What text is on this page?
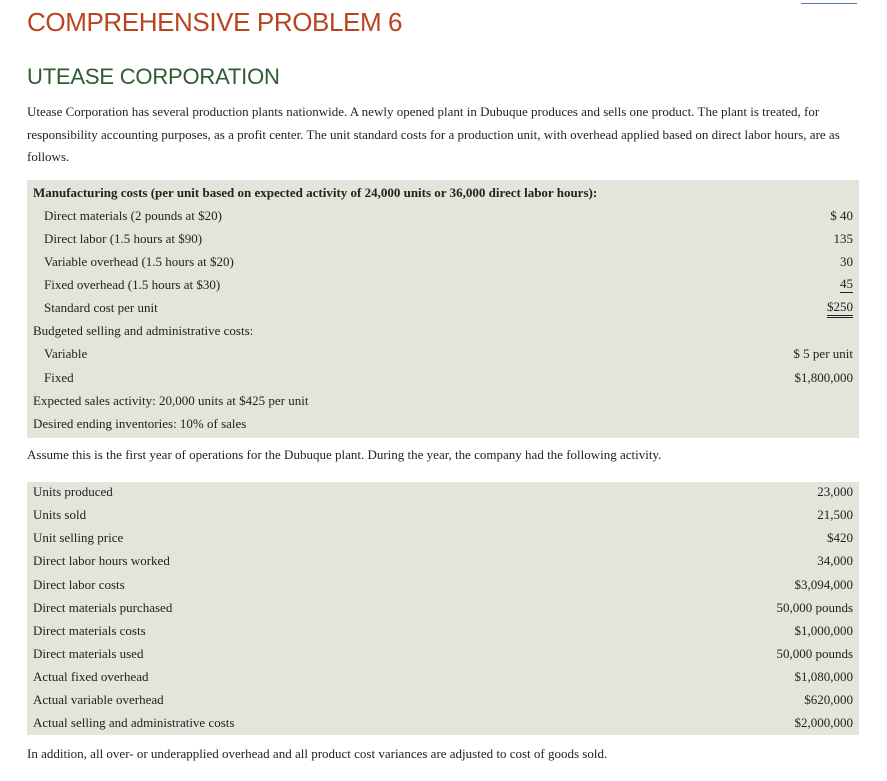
COMPREHENSIVE PROBLEM 6
UTEASE CORPORATION

Utease Corporation has several production plants nationwide. A newly opened plant in Dubuque produces and sells one product. The plant is treated, for responsibility accounting purposes, as a profit center. The unit standard costs for a production unit, with overhead applied based on direct labor hours, are as follows.

Manufacturing costs (per unit based on expected activity of 24,000 units or 36,000 direct labor hours):
Direct materials (2 pounds at $20)	$ 40
Direct labor (1.5 hours at $90)	135
Variable overhead (1.5 hours at $20)	30
Fixed overhead (1.5 hours at $30)	45
Standard cost per unit	$250
Budgeted selling and administrative costs:
Variable	$ 5 per unit
Fixed	$1,800,000
Expected sales activity: 20,000 units at $425 per unit
Desired ending inventories: 10% of sales

Assume this is the first year of operations for the Dubuque plant. During the year, the company had the following activity.

Units produced	23,000
Units sold	21,500
Unit selling price	$420
Direct labor hours worked	34,000
Direct labor costs	$3,094,000
Direct materials purchased	50,000 pounds
Direct materials costs	$1,000,000
Direct materials used	50,000 pounds
Actual fixed overhead	$1,080,000
Actual variable overhead	$620,000
Actual selling and administrative costs	$2,000,000

In addition, all over- or underapplied overhead and all product cost variances are adjusted to cost of goods sold.
